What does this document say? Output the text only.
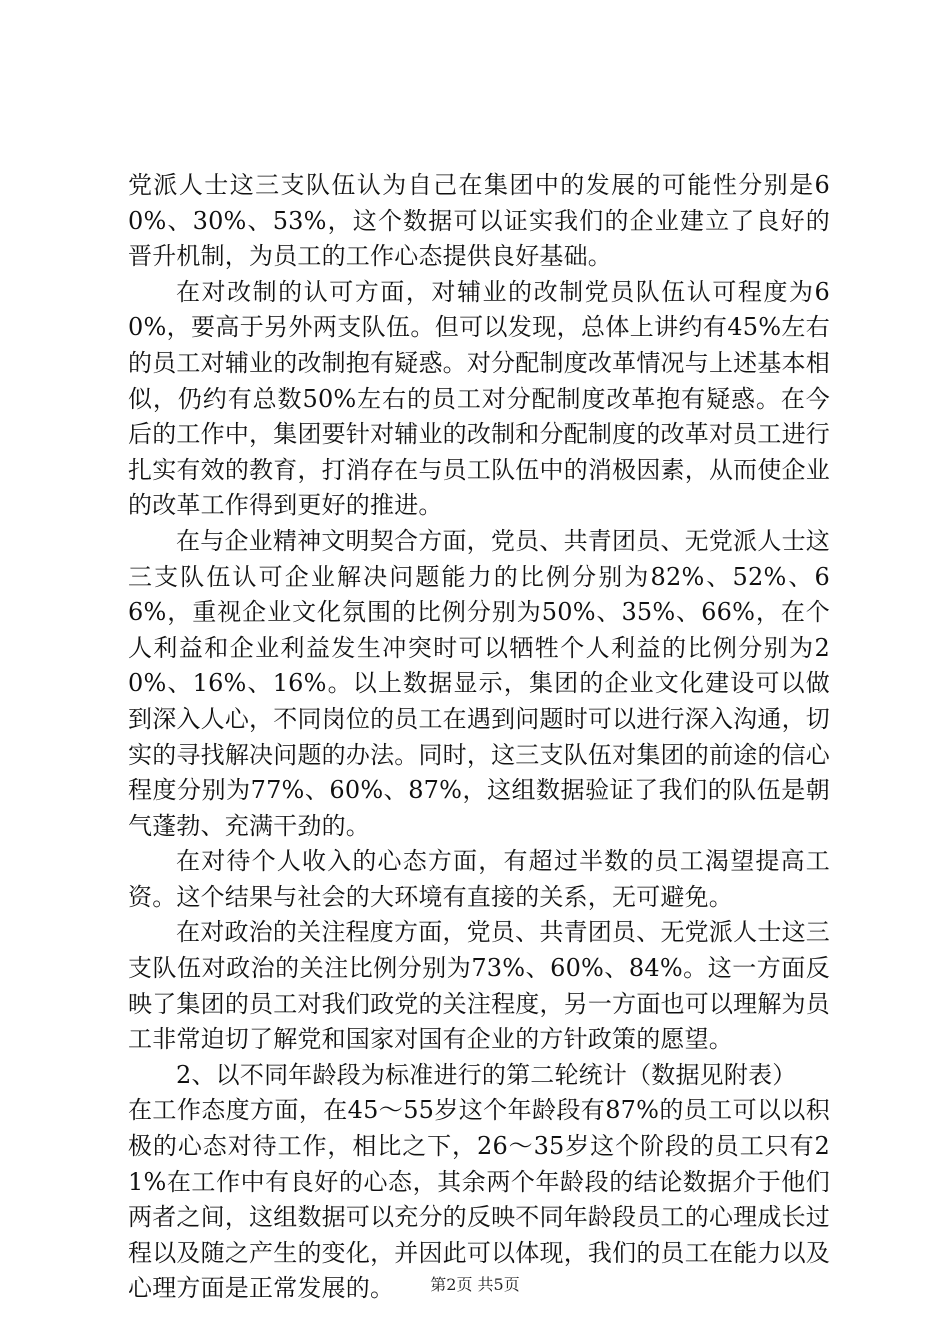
党派人士这三支队伍认为自己在集团中的发展的可能性分别是60%、30%、53%，这个数据可以证实我们的企业建立了良好的晋升机制，为员工的工作心态提供良好基础。

在对改制的认可方面，对辅业的改制党员队伍认可程度为60%，要高于另外两支队伍。但可以发现，总体上讲约有45%左右的员工对辅业的改制抱有疑惑。对分配制度改革情况与上述基本相似，仍约有总数50%左右的员工对分配制度改革抱有疑惑。在今后的工作中，集团要针对辅业的改制和分配制度的改革对员工进行扎实有效的教育，打消存在与员工队伍中的消极因素，从而使企业的改革工作得到更好的推进。

在与企业精神文明契合方面，党员、共青团员、无党派人士这三支队伍认可企业解决问题能力的比例分别为82%、52%、66%，重视企业文化氛围的比例分别为50%、35%、66%，在个人利益和企业利益发生冲突时可以牺牲个人利益的比例分别为20%、16%、16%。以上数据显示，集团的企业文化建设可以做到深入人心，不同岗位的员工在遇到问题时可以进行深入沟通，切实的寻找解决问题的办法。同时，这三支队伍对集团的前途的信心程度分别为77%、60%、87%，这组数据验证了我们的队伍是朝气蓬勃、充满干劲的。

在对待个人收入的心态方面，有超过半数的员工渴望提高工资。这个结果与社会的大环境有直接的关系，无可避免。

在对政治的关注程度方面，党员、共青团员、无党派人士这三支队伍对政治的关注比例分别为73%、60%、84%。这一方面反映了集团的员工对我们政党的关注程度，另一方面也可以理解为员工非常迫切了解党和国家对国有企业的方针政策的愿望。

2、以不同年龄段为标准进行的第二轮统计（数据见附表）

在工作态度方面，在45～55岁这个年龄段有87%的员工可以以积极的心态对待工作，相比之下，26～35岁这个阶段的员工只有21%在工作中有良好的心态，其余两个年龄段的结论数据介于他们两者之间，这组数据可以充分的反映不同年龄段员工的心理成长过程以及随之产生的变化，并因此可以体现，我们的员工在能力以及心理方面是正常发展的。	第2页 共5页
